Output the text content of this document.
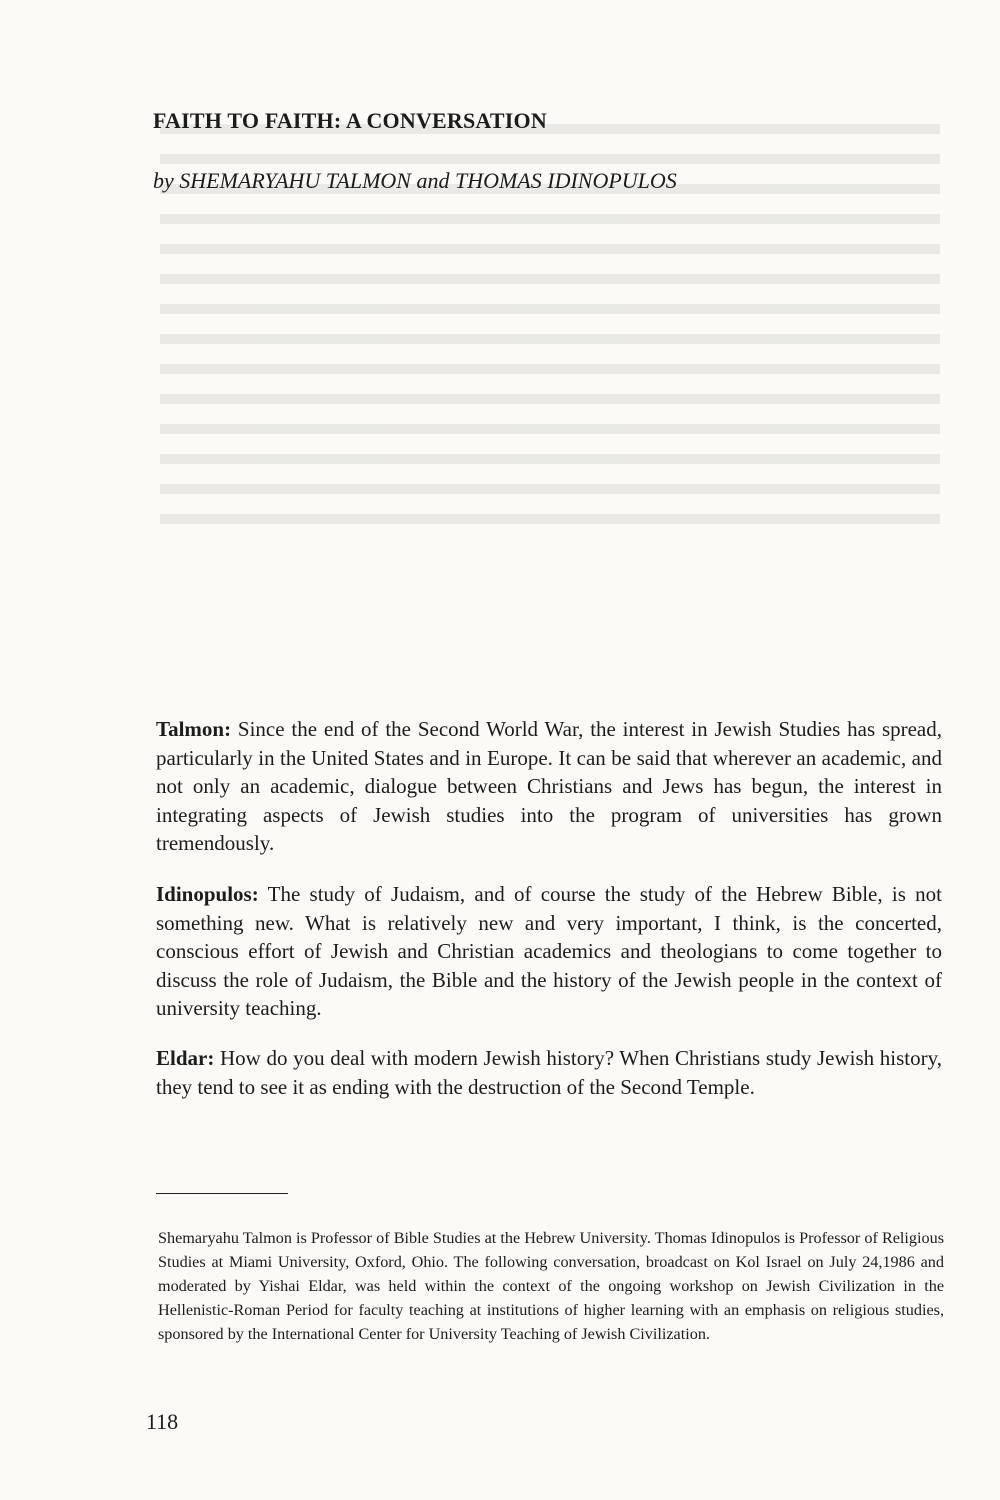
FAITH TO FAITH: A CONVERSATION
by SHEMARYAHU TALMON and THOMAS IDINOPULOS

Talmon: Since the end of the Second World War, the interest in Jewish Studies has spread, particularly in the United States and in Europe. It can be said that wherever an academic, and not only an academic, dialogue between Christians and Jews has begun, the interest in integrating aspects of Jewish studies into the program of universities has grown tremendously.

Idinopulos: The study of Judaism, and of course the study of the Hebrew Bible, is not something new. What is relatively new and very important, I think, is the concerted, conscious effort of Jewish and Christian academics and theologians to come together to discuss the role of Judaism, the Bible and the history of the Jewish people in the context of university teaching.

Eldar: How do you deal with modern Jewish history? When Christians study Jewish history, they tend to see it as ending with the destruction of the Second Temple.

Shemaryahu Talmon is Professor of Bible Studies at the Hebrew University. Thomas Idinopulos is Professor of Religious Studies at Miami University, Oxford, Ohio. The following conversation, broadcast on Kol Israel on July 24,1986 and moderated by Yishai Eldar, was held within the context of the ongoing workshop on Jewish Civilization in the Hellenistic-Roman Period for faculty teaching at institutions of higher learning with an emphasis on religious studies, sponsored by the International Center for University Teaching of Jewish Civilization.

118
